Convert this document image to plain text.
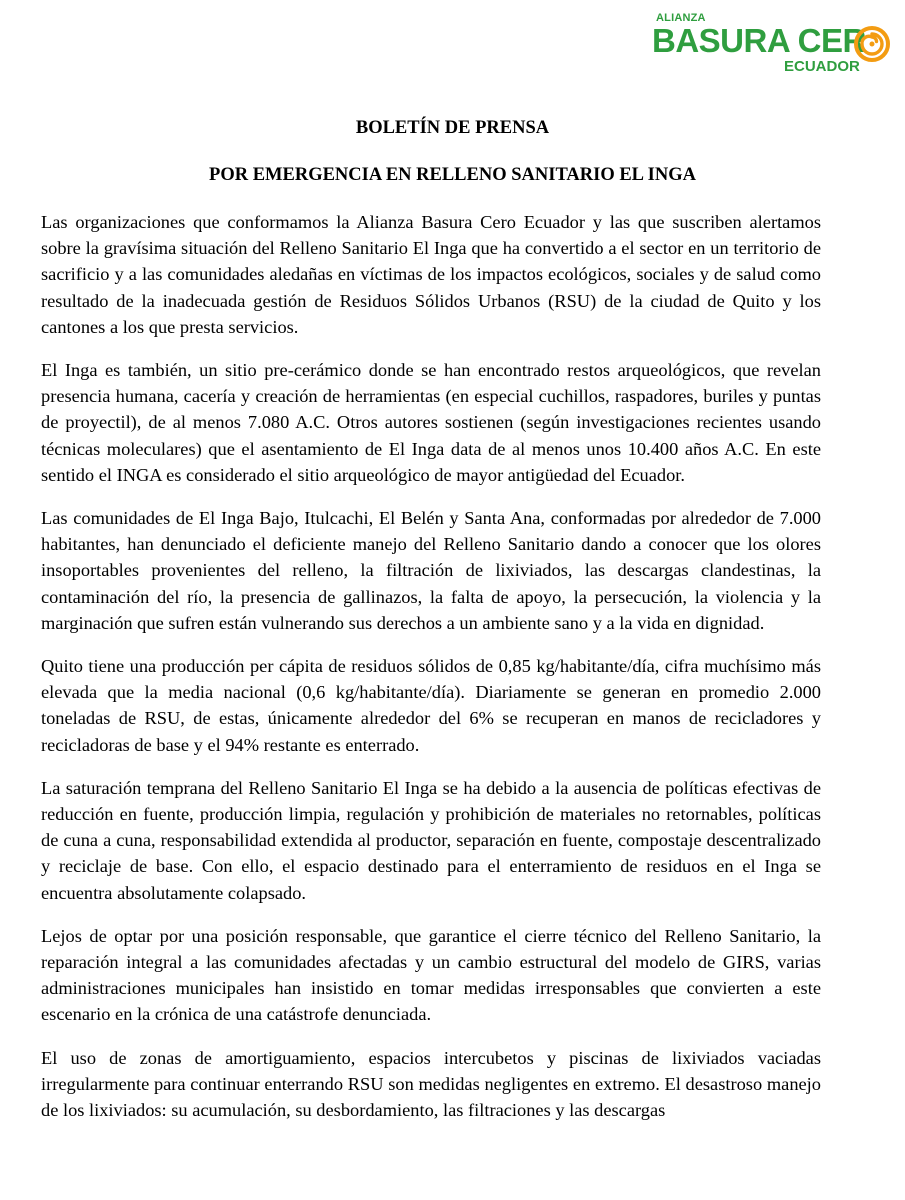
ALIANZA
BASURA CER
ECUADOR
BOLETÍN DE PRENSA
POR EMERGENCIA EN RELLENO SANITARIO EL INGA

Las organizaciones que conformamos la Alianza Basura Cero Ecuador y las que suscriben alertamos sobre la gravísima situación del Relleno Sanitario El Inga que ha convertido a el sector en un territorio de sacrificio y a las comunidades aledañas en víctimas de los impactos ecológicos, sociales y de salud como resultado de la inadecuada gestión de Residuos Sólidos Urbanos (RSU) de la ciudad de Quito y los cantones a los que presta servicios.

El Inga es también, un sitio pre-cerámico donde se han encontrado restos arqueológicos, que revelan presencia humana, cacería y creación de herramientas (en especial cuchillos, raspadores, buriles y puntas de proyectil), de al menos 7.080 A.C. Otros autores sostienen (según investigaciones recientes usando técnicas moleculares) que el asentamiento de El Inga data de al menos unos 10.400 años A.C. En este sentido el INGA es considerado el sitio arqueológico de mayor antigüedad del Ecuador.

Las comunidades de El Inga Bajo, Itulcachi, El Belén y Santa Ana, conformadas por alrededor de 7.000 habitantes, han denunciado el deficiente manejo del Relleno Sanitario dando a conocer que los olores insoportables provenientes del relleno, la filtración de lixiviados, las descargas clandestinas, la contaminación del río, la presencia de gallinazos, la falta de apoyo, la persecución, la violencia y la marginación que sufren están vulnerando sus derechos a un ambiente sano y a la vida en dignidad.

Quito tiene una producción per cápita de residuos sólidos de 0,85 kg/habitante/día, cifra muchísimo más elevada que la media nacional (0,6 kg/habitante/día). Diariamente se generan en promedio 2.000 toneladas de RSU, de estas, únicamente alrededor del 6% se recuperan en manos de recicladores y recicladoras de base y el 94% restante es enterrado.

La saturación temprana del Relleno Sanitario El Inga se ha debido a la ausencia de políticas efectivas de reducción en fuente, producción limpia, regulación y prohibición de materiales no retornables, políticas de cuna a cuna, responsabilidad extendida al productor, separación en fuente, compostaje descentralizado y reciclaje de base. Con ello, el espacio destinado para el enterramiento de residuos en el Inga se encuentra absolutamente colapsado.

Lejos de optar por una posición responsable, que garantice el cierre técnico del Relleno Sanitario, la reparación integral a las comunidades afectadas y un cambio estructural del modelo de GIRS, varias administraciones municipales han insistido en tomar medidas irresponsables que convierten a este escenario en la crónica de una catástrofe denunciada.

El uso de zonas de amortiguamiento, espacios intercubetos y piscinas de lixiviados vaciadas irregularmente para continuar enterrando RSU son medidas negligentes en extremo. El desastroso manejo de los lixiviados: su acumulación, su desbordamiento, las filtraciones y las descargas
